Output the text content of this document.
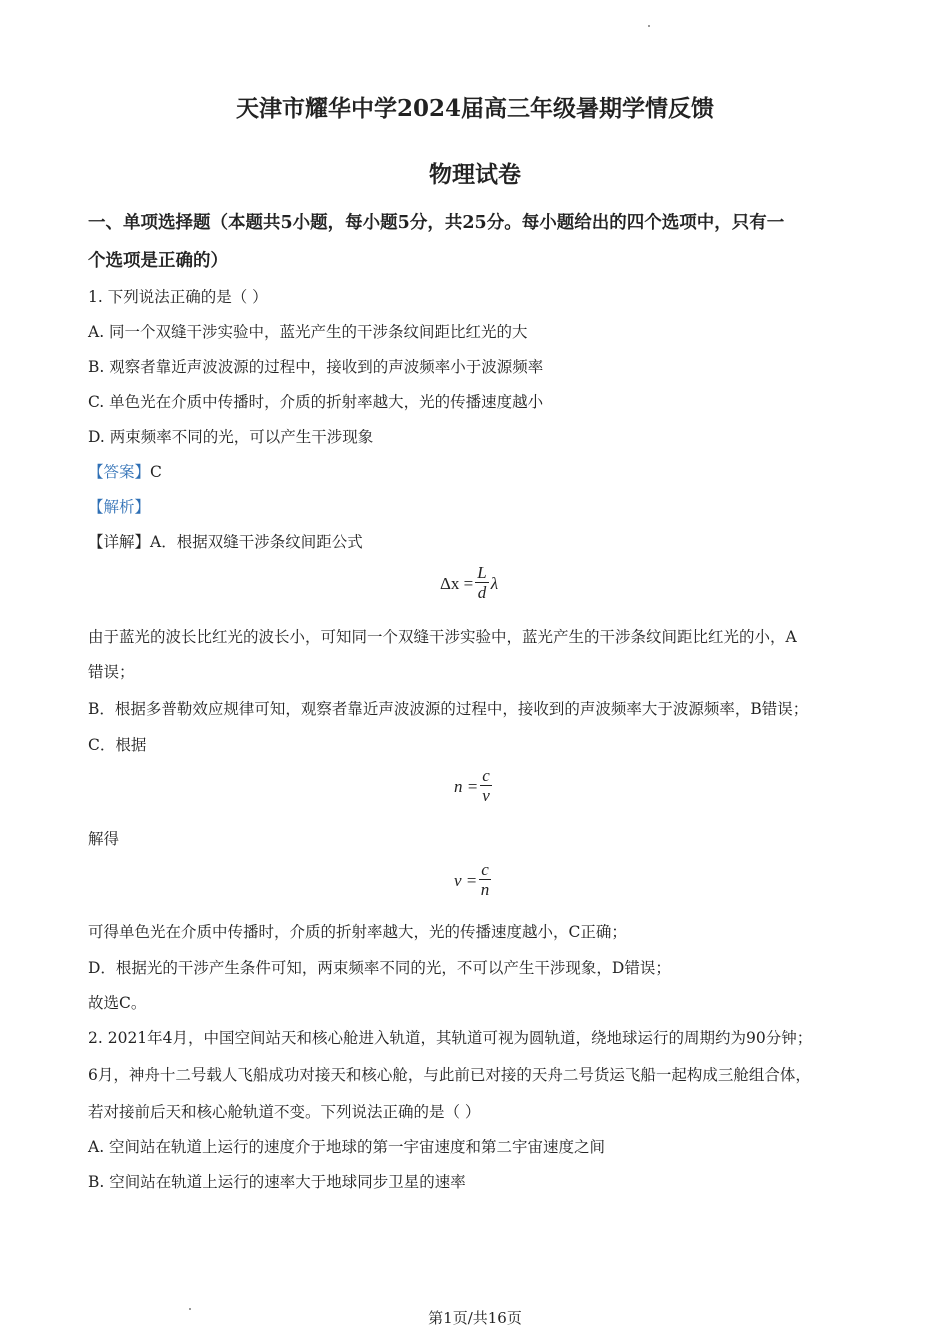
天津市耀华中学2024届高三年级暑期学情反馈
物理试卷
一、单项选择题（本题共5小题，每小题5分，共25分。每小题给出的四个选项中，只有一
个选项是正确的）
1. 下列说法正确的是（ ）
A. 同一个双缝干涉实验中，蓝光产生的干涉条纹间距比红光的大
B. 观察者靠近声波波源的过程中，接收到的声波频率小于波源频率
C. 单色光在介质中传播时，介质的折射率越大，光的传播速度越小
D. 两束频率不同的光，可以产生干涉现象
【答案】C
【解析】
【详解】A．根据双缝干涉条纹间距公式
$\Delta x = \frac{L}{d}$ λ
由于蓝光的波长比红光的波长小，可知同一个双缝干涉实验中，蓝光产生的干涉条纹间距比红光的小，A
错误；
B．根据多普勒效应规律可知，观察者靠近声波波源的过程中，接收到的声波频率大于波源频率，B错误；
C．根据
$n = \frac{c}{v}$
解得
$v = \frac{c}{n}$
可得单色光在介质中传播时，介质的折射率越大，光的传播速度越小，C正确；
D．根据光的干涉产生条件可知，两束频率不同的光，不可以产生干涉现象，D错误；
故选C。
2. 2021年4月，中国空间站天和核心舱进入轨道，其轨道可视为圆轨道，绕地球运行的周期约为90分钟；
6月，神舟十二号载人飞船成功对接天和核心舱，与此前已对接的天舟二号货运飞船一起构成三舱组合体，
若对接前后天和核心舱轨道不变。下列说法正确的是（ ）
A. 空间站在轨道上运行的速度介于地球的第一宇宙速度和第二宇宙速度之间
B. 空间站在轨道上运行的速率大于地球同步卫星的速率
第1页/共16页
